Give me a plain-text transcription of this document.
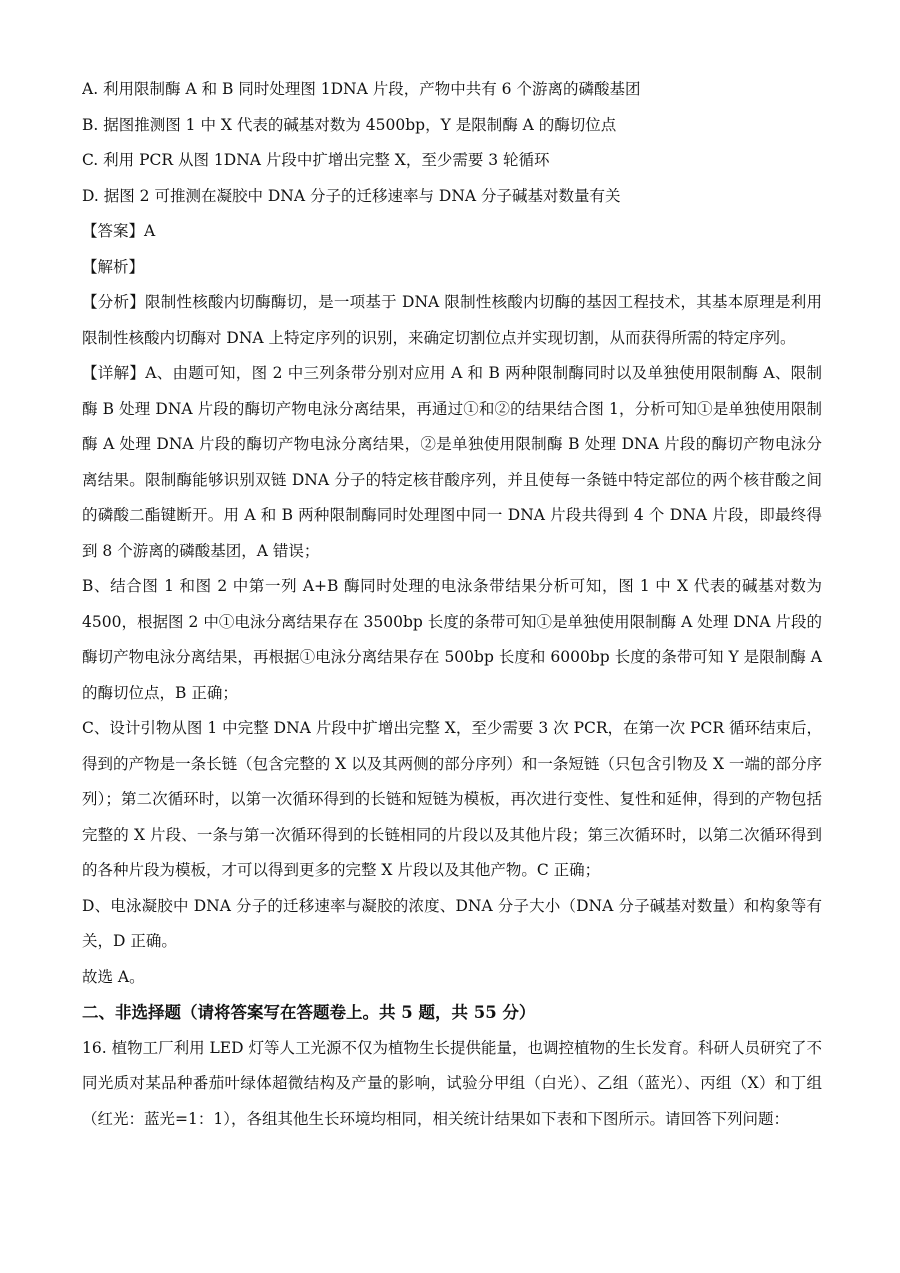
A. 利用限制酶 A 和 B 同时处理图 1DNA 片段，产物中共有 6 个游离的磷酸基团
B. 据图推测图 1 中 X 代表的碱基对数为 4500bp，Y 是限制酶 A 的酶切位点
C. 利用 PCR 从图 1DNA 片段中扩增出完整 X，至少需要 3 轮循环
D. 据图 2 可推测在凝胶中 DNA 分子的迁移速率与 DNA 分子碱基对数量有关
【答案】A
【解析】
【分析】限制性核酸内切酶酶切，是一项基于 DNA 限制性核酸内切酶的基因工程技术，其基本原理是利用限制性核酸内切酶对 DNA 上特定序列的识别，来确定切割位点并实现切割，从而获得所需的特定序列。
【详解】A、由题可知，图 2 中三列条带分别对应用 A 和 B 两种限制酶同时以及单独使用限制酶 A、限制酶 B 处理 DNA 片段的酶切产物电泳分离结果，再通过①和②的结果结合图 1，分析可知①是单独使用限制酶 A 处理 DNA 片段的酶切产物电泳分离结果，②是单独使用限制酶 B 处理 DNA 片段的酶切产物电泳分离结果。限制酶能够识别双链 DNA 分子的特定核苷酸序列，并且使每一条链中特定部位的两个核苷酸之间的磷酸二酯键断开。用 A 和 B 两种限制酶同时处理图中同一 DNA 片段共得到 4 个 DNA 片段，即最终得到 8 个游离的磷酸基团，A 错误；
B、结合图 1 和图 2 中第一列 A+B 酶同时处理的电泳条带结果分析可知，图 1 中 X 代表的碱基对数为 4500，根据图 2 中①电泳分离结果存在 3500bp 长度的条带可知①是单独使用限制酶 A 处理 DNA 片段的酶切产物电泳分离结果，再根据①电泳分离结果存在 500bp 长度和 6000bp 长度的条带可知 Y 是限制酶 A 的酶切位点，B 正确；
C、设计引物从图 1 中完整 DNA 片段中扩增出完整 X，至少需要 3 次 PCR，在第一次 PCR 循环结束后，得到的产物是一条长链（包含完整的 X 以及其两侧的部分序列）和一条短链（只包含引物及 X 一端的部分序列）；第二次循环时，以第一次循环得到的长链和短链为模板，再次进行变性、复性和延伸，得到的产物包括完整的 X 片段、一条与第一次循环得到的长链相同的片段以及其他片段；第三次循环时，以第二次循环得到的各种片段为模板，才可以得到更多的完整 X 片段以及其他产物。C 正确；
D、电泳凝胶中 DNA 分子的迁移速率与凝胶的浓度、DNA 分子大小（DNA 分子碱基对数量）和构象等有关，D 正确。
故选 A。
二、非选择题（请将答案写在答题卷上。共 5 题，共 55 分）
16. 植物工厂利用 LED 灯等人工光源不仅为植物生长提供能量，也调控植物的生长发育。科研人员研究了不同光质对某品种番茄叶绿体超微结构及产量的影响，试验分甲组（白光）、乙组（蓝光）、丙组（X）和丁组（红光：蓝光=1：1），各组其他生长环境均相同，相关统计结果如下表和下图所示。请回答下列问题：
